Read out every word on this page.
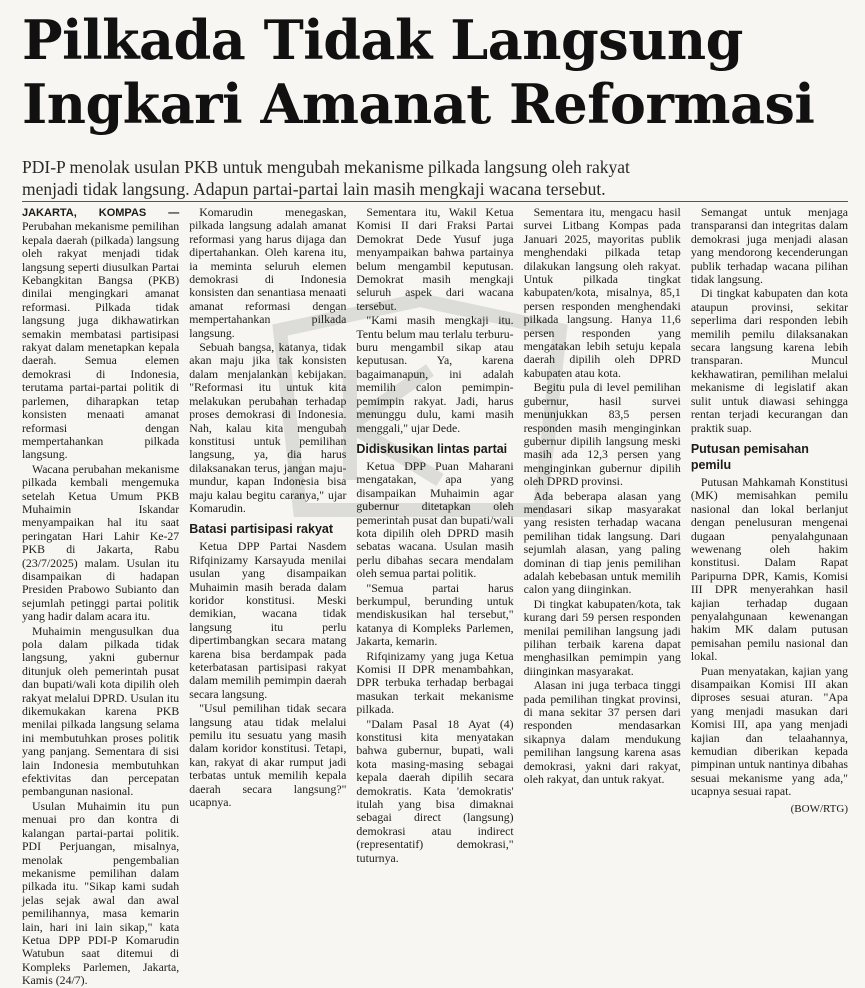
Pilkada Tidak Langsung
Ingkari Amanat Reformasi
PDI-P menolak usulan PKB untuk mengubah mekanisme pilkada langsung oleh rakyat
menjadi tidak langsung. Adapun partai-partai lain masih mengkaji wacana tersebut.

JAKARTA, KOMPAS — Perubahan mekanisme pemilihan kepala daerah (pilkada) langsung oleh rakyat menjadi tidak langsung seperti diusulkan Partai Kebangkitan Bangsa (PKB) dinilai mengingkari amanat reformasi. Pilkada tidak langsung juga dikhawatirkan semakin membatasi partisipasi rakyat dalam menetapkan kepala daerah. Semua elemen demokrasi di Indonesia, terutama partai-partai politik di parlemen, diharapkan tetap konsisten menaati amanat reformasi dengan mempertahankan pilkada langsung.

Wacana perubahan mekanisme pilkada kembali mengemuka setelah Ketua Umum PKB Muhaimin Iskandar menyampaikan hal itu saat peringatan Hari Lahir Ke-27 PKB di Jakarta, Rabu (23/7/2025) malam. Usulan itu disampaikan di hadapan Presiden Prabowo Subianto dan sejumlah petinggi partai politik yang hadir dalam acara itu.

Muhaimin mengusulkan dua pola dalam pilkada tidak langsung, yakni gubernur ditunjuk oleh pemerintah pusat dan bupati/wali kota dipilih oleh rakyat melalui DPRD. Usulan itu dikemukakan karena PKB menilai pilkada langsung selama ini membutuhkan proses politik yang panjang. Sementara di sisi lain Indonesia membutuhkan efektivitas dan percepatan pembangunan nasional.

Usulan Muhaimin itu pun menuai pro dan kontra di kalangan partai-partai politik. PDI Perjuangan, misalnya, menolak pengembalian mekanisme pemilihan dalam pilkada itu. "Sikap kami sudah jelas sejak awal dan awal pemilihannya, masa kemarin lain, hari ini lain sikap," kata Ketua DPP PDI-P Komarudin Watubun saat ditemui di Kompleks Parlemen, Jakarta, Kamis (24/7).

Komarudin menegaskan, pilkada langsung adalah amanat reformasi yang harus dijaga dan dipertahankan. Oleh karena itu, ia meminta seluruh elemen demokrasi di Indonesia konsisten dan senantiasa menaati amanat reformasi dengan mempertahankan pilkada langsung.

Sebuah bangsa, katanya, tidak akan maju jika tak konsisten dalam menjalankan kebijakan. "Reformasi itu untuk kita melakukan perubahan terhadap proses demokrasi di Indonesia. Nah, kalau kita mengubah konstitusi untuk pemilihan langsung, ya, dia harus dilaksanakan terus, jangan maju-mundur, kapan Indonesia bisa maju kalau begitu caranya," ujar Komarudin.

Batasi partisipasi rakyat

Ketua DPP Partai Nasdem Rifqinizamy Karsayuda menilai usulan yang disampaikan Muhaimin masih berada dalam koridor konstitusi. Meski demikian, wacana tidak langsung itu perlu dipertimbangkan secara matang karena bisa berdampak pada keterbatasan partisipasi rakyat dalam memilih pemimpin daerah secara langsung.

"Usul pemilihan tidak secara langsung atau tidak melalui pemilu itu sesuatu yang masih dalam koridor konstitusi. Tetapi, kan, rakyat di akar rumput jadi terbatas untuk memilih kepala daerah secara langsung?" ucapnya.

Sementara itu, Wakil Ketua Komisi II dari Fraksi Partai Demokrat Dede Yusuf juga menyampaikan bahwa partainya belum mengambil keputusan. Demokrat masih mengkaji seluruh aspek dari wacana tersebut.

"Kami masih mengkaji itu. Tentu belum mau terlalu terburu-buru mengambil sikap atau keputusan. Ya, karena bagaimanapun, ini adalah memilih calon pemimpin-pemimpin rakyat. Jadi, harus menunggu dulu, kami masih menggali," ujar Dede.

Didiskusikan lintas partai

Ketua DPP Puan Maharani mengatakan, apa yang disampaikan Muhaimin agar gubernur ditetapkan oleh pemerintah pusat dan bupati/wali kota dipilih oleh DPRD masih sebatas wacana. Usulan masih perlu dibahas secara mendalam oleh semua partai politik.

"Semua partai harus berkumpul, berunding untuk mendiskusikan hal tersebut," katanya di Kompleks Parlemen, Jakarta, kemarin.

Rifqinizamy yang juga Ketua Komisi II DPR menambahkan, DPR terbuka terhadap berbagai masukan terkait mekanisme pilkada.

"Dalam Pasal 18 Ayat (4) konstitusi kita menyatakan bahwa gubernur, bupati, wali kota masing-masing sebagai kepala daerah dipilih secara demokratis. Kata 'demokratis' itulah yang bisa dimaknai sebagai direct (langsung) demokrasi atau indirect (representatif) demokrasi," tuturnya.

Sementara itu, mengacu hasil survei Litbang Kompas pada Januari 2025, mayoritas publik menghendaki pilkada tetap dilakukan langsung oleh rakyat. Untuk pilkada tingkat kabupaten/kota, misalnya, 85,1 persen responden menghendaki pilkada langsung. Hanya 11,6 persen responden yang mengatakan lebih setuju kepala daerah dipilih oleh DPRD kabupaten atau kota.

Begitu pula di level pemilihan gubernur, hasil survei menunjukkan 83,5 persen responden masih menginginkan gubernur dipilih langsung meski masih ada 12,3 persen yang menginginkan gubernur dipilih oleh DPRD provinsi.

Ada beberapa alasan yang mendasari sikap masyarakat yang resisten terhadap wacana pemilihan tidak langsung. Dari sejumlah alasan, yang paling dominan di tiap jenis pemilihan adalah kebebasan untuk memilih calon yang diinginkan.

Di tingkat kabupaten/kota, tak kurang dari 59 persen responden menilai pemilihan langsung jadi pilihan terbaik karena dapat menghasilkan pemimpin yang diinginkan masyarakat.

Alasan ini juga terbaca tinggi pada pemilihan tingkat provinsi, di mana sekitar 37 persen dari responden mendasarkan sikapnya dalam mendukung pemilihan langsung karena asas demokrasi, yakni dari rakyat, oleh rakyat, dan untuk rakyat.

Semangat untuk menjaga transparansi dan integritas dalam demokrasi juga menjadi alasan yang mendorong kecenderungan publik terhadap wacana pilihan tidak langsung.

Di tingkat kabupaten dan kota ataupun provinsi, sekitar seperlima dari responden lebih memilih pemilu dilaksanakan secara langsung karena lebih transparan. Muncul kekhawatiran, pemilihan melalui mekanisme di legislatif akan sulit untuk diawasi sehingga rentan terjadi kecurangan dan praktik suap.

Putusan pemisahan pemilu

Putusan Mahkamah Konstitusi (MK) memisahkan pemilu nasional dan lokal berlanjut dengan penelusuran mengenai dugaan penyalahgunaan wewenang oleh hakim konstitusi. Dalam Rapat Paripurna DPR, Kamis, Komisi III DPR menyerahkan hasil kajian terhadap dugaan penyalahgunaan kewenangan hakim MK dalam putusan pemisahan pemilu nasional dan lokal.

Puan menyatakan, kajian yang disampaikan Komisi III akan diproses sesuai aturan. "Apa yang menjadi masukan dari Komisi III, apa yang menjadi kajian dan telaahannya, kemudian diberikan kepada pimpinan untuk nantinya dibahas sesuai mekanisme yang ada," ucapnya sesuai rapat.

(BOW/RTG)
